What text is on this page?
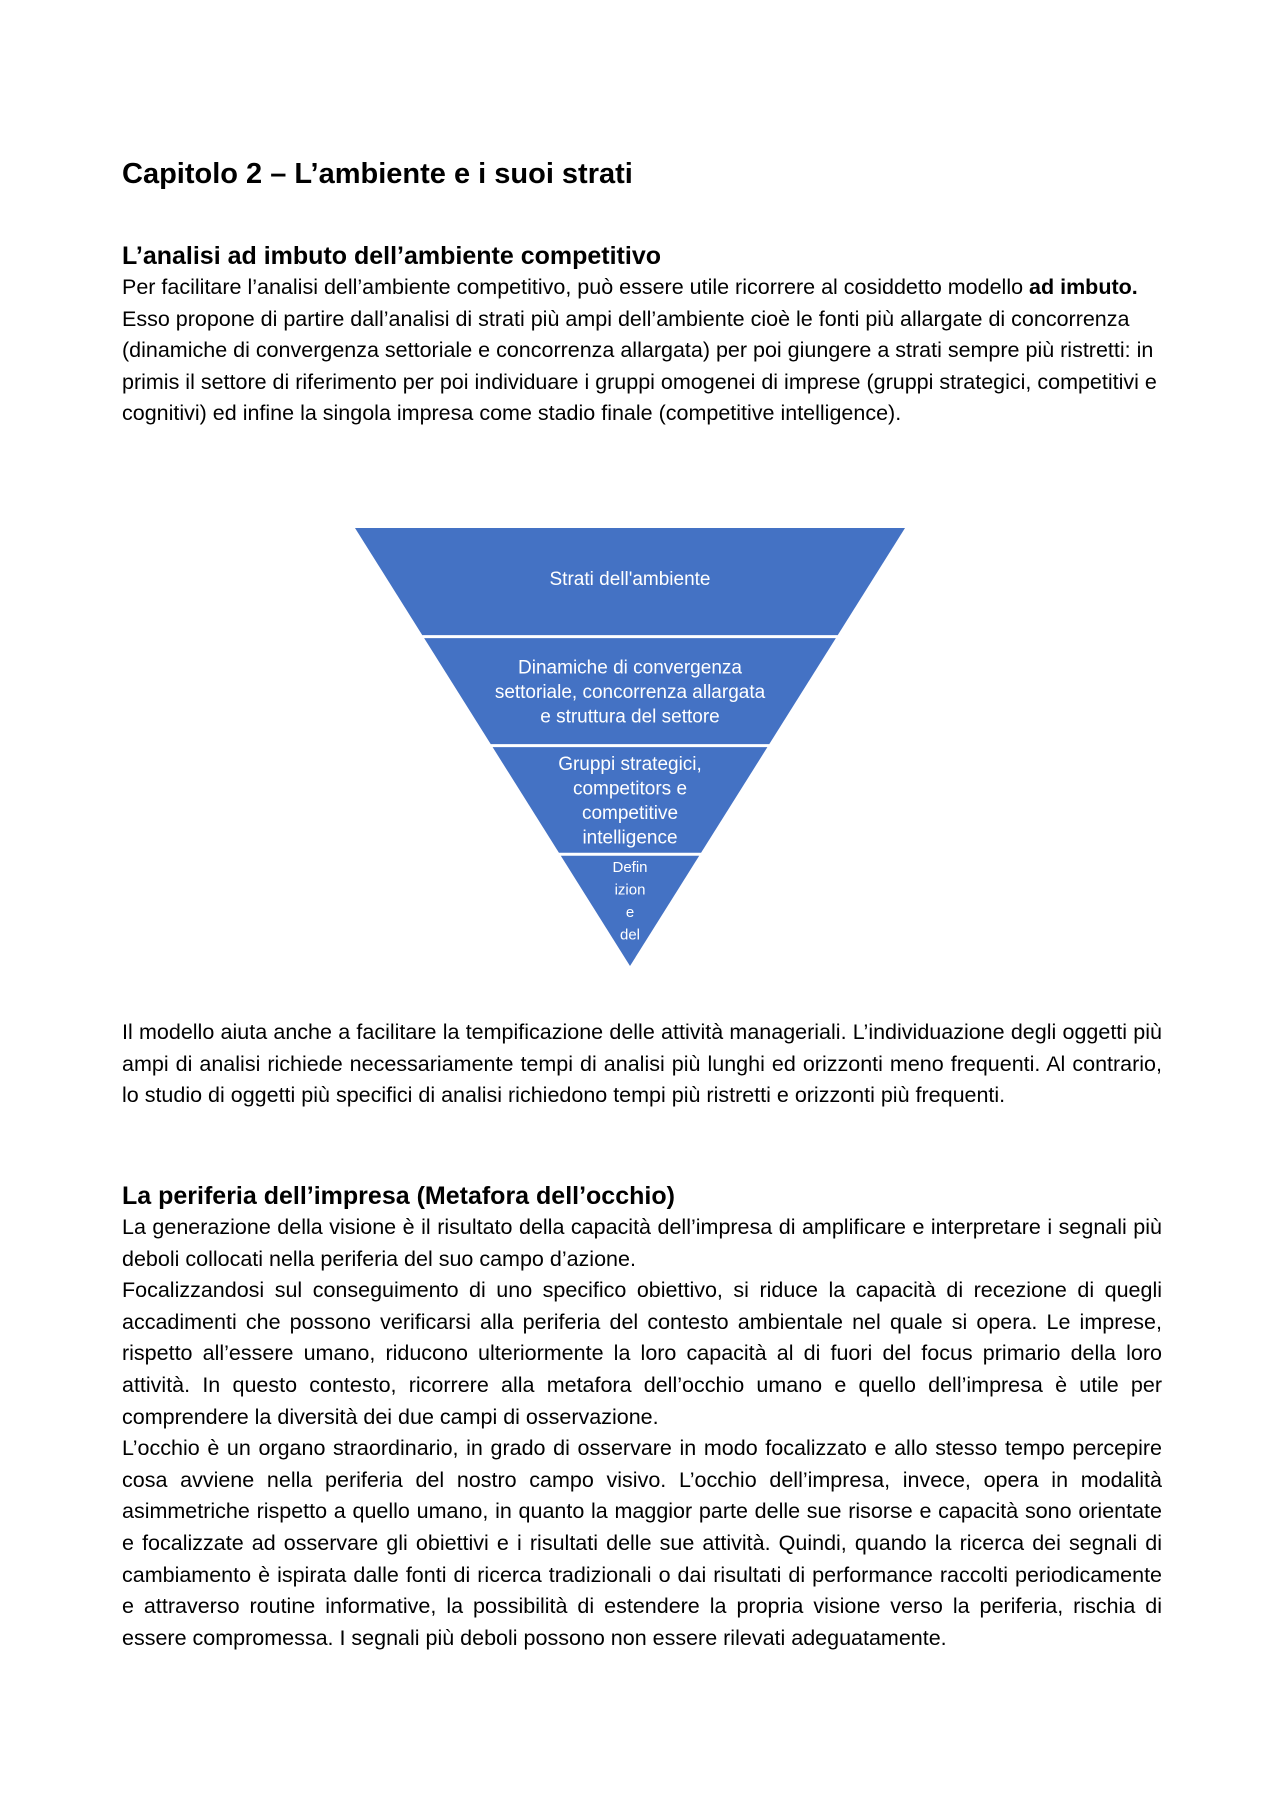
Capitolo 2 – L’ambiente e i suoi strati
L’analisi ad imbuto dell’ambiente competitivo

Per facilitare l’analisi dell’ambiente competitivo, può essere utile ricorrere al cosiddetto modello ad imbuto. Esso propone di partire dall’analisi di strati più ampi dell’ambiente cioè le fonti più allargate di concorrenza (dinamiche di convergenza settoriale e concorrenza allargata) per poi giungere a strati sempre più ristretti: in primis il settore di riferimento per poi individuare i gruppi omogenei di imprese (gruppi strategici, competitivi e cognitivi) ed infine la singola impresa come stadio finale (competitive intelligence).

Strati dell'ambiente
Dinamiche di convergenza
settoriale, concorrenza allargata
e struttura del settore
Gruppi strategici,
competitors e
competitive
intelligence
Defin
izion
e
del

Il modello aiuta anche a facilitare la tempificazione delle attività manageriali. L’individuazione degli oggetti più ampi di analisi richiede necessariamente tempi di analisi più lunghi ed orizzonti meno frequenti. Al contrario, lo studio di oggetti più specifici di analisi richiedono tempi più ristretti e orizzonti più frequenti.

La periferia dell’impresa (Metafora dell’occhio)

La generazione della visione è il risultato della capacità dell’impresa di amplificare e interpretare i segnali più deboli collocati nella periferia del suo campo d’azione.

Focalizzandosi sul conseguimento di uno specifico obiettivo, si riduce la capacità di recezione di quegli accadimenti che possono verificarsi alla periferia del contesto ambientale nel quale si opera. Le imprese, rispetto all’essere umano, riducono ulteriormente la loro capacità al di fuori del focus primario della loro attività. In questo contesto, ricorrere alla metafora dell’occhio umano e quello dell’impresa è utile per comprendere la diversità dei due campi di osservazione.

L’occhio è un organo straordinario, in grado di osservare in modo focalizzato e allo stesso tempo percepire cosa avviene nella periferia del nostro campo visivo. L’occhio dell’impresa, invece, opera in modalità asimmetriche rispetto a quello umano, in quanto la maggior parte delle sue risorse e capacità sono orientate e focalizzate ad osservare gli obiettivi e i risultati delle sue attività. Quindi, quando la ricerca dei segnali di cambiamento è ispirata dalle fonti di ricerca tradizionali o dai risultati di performance raccolti periodicamente e attraverso routine informative, la possibilità di estendere la propria visione verso la periferia, rischia di essere compromessa. I segnali più deboli possono non essere rilevati adeguatamente.
